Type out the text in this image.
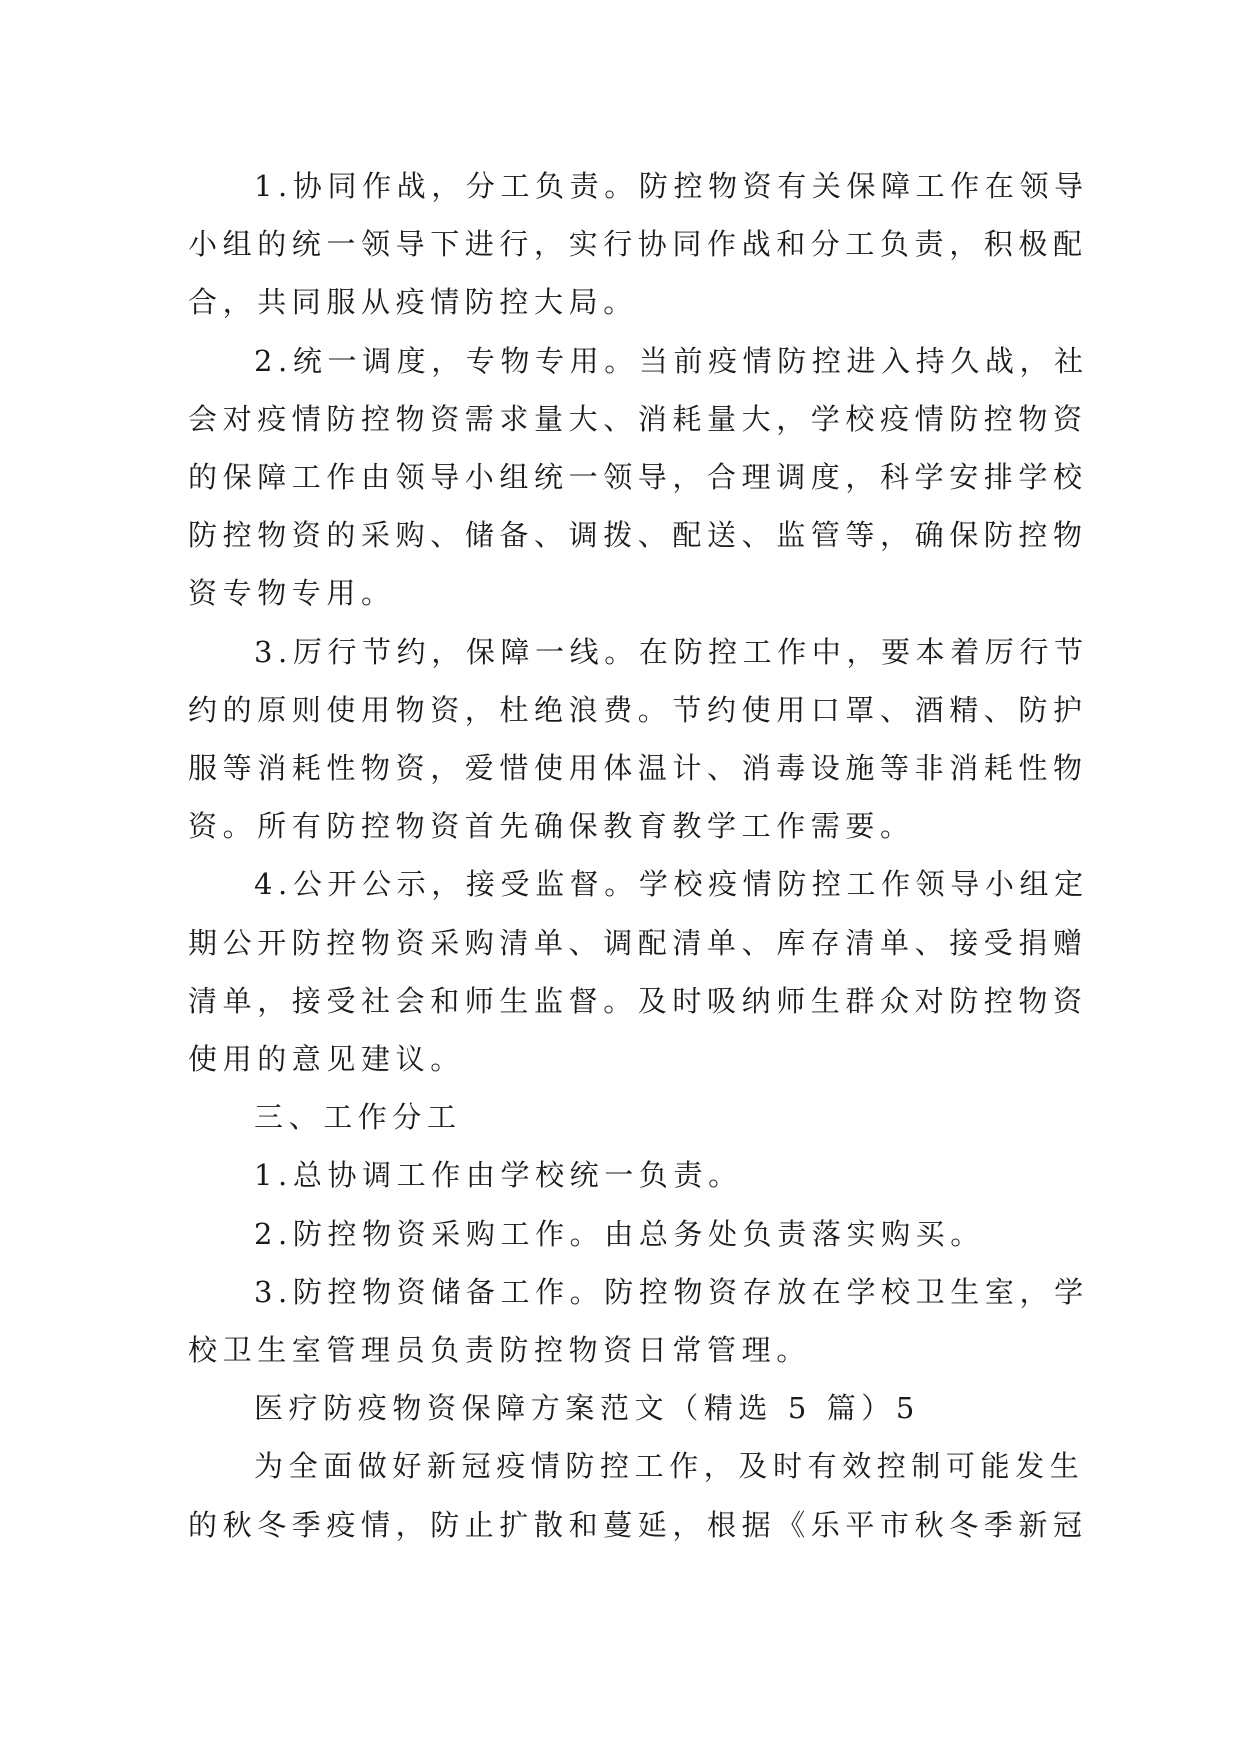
1.协同作战，分工负责。防控物资有关保障工作在领导
小组的统一领导下进行，实行协同作战和分工负责，积极配
合，共同服从疫情防控大局。
2.统一调度，专物专用。当前疫情防控进入持久战，社
会对疫情防控物资需求量大、消耗量大，学校疫情防控物资
的保障工作由领导小组统一领导，合理调度，科学安排学校
防控物资的采购、储备、调拨、配送、监管等，确保防控物
资专物专用。
3.厉行节约，保障一线。在防控工作中，要本着厉行节
约的原则使用物资，杜绝浪费。节约使用口罩、酒精、防护
服等消耗性物资，爱惜使用体温计、消毒设施等非消耗性物
资。所有防控物资首先确保教育教学工作需要。
4.公开公示，接受监督。学校疫情防控工作领导小组定
期公开防控物资采购清单、调配清单、库存清单、接受捐赠
清单，接受社会和师生监督。及时吸纳师生群众对防控物资
使用的意见建议。
三、工作分工
1.总协调工作由学校统一负责。
2.防控物资采购工作。由总务处负责落实购买。
3.防控物资储备工作。防控物资存放在学校卫生室，学
校卫生室管理员负责防控物资日常管理。
医疗防疫物资保障方案范文（精选 5 篇）5
为全面做好新冠疫情防控工作，及时有效控制可能发生
的秋冬季疫情，防止扩散和蔓延，根据《乐平市秋冬季新冠
